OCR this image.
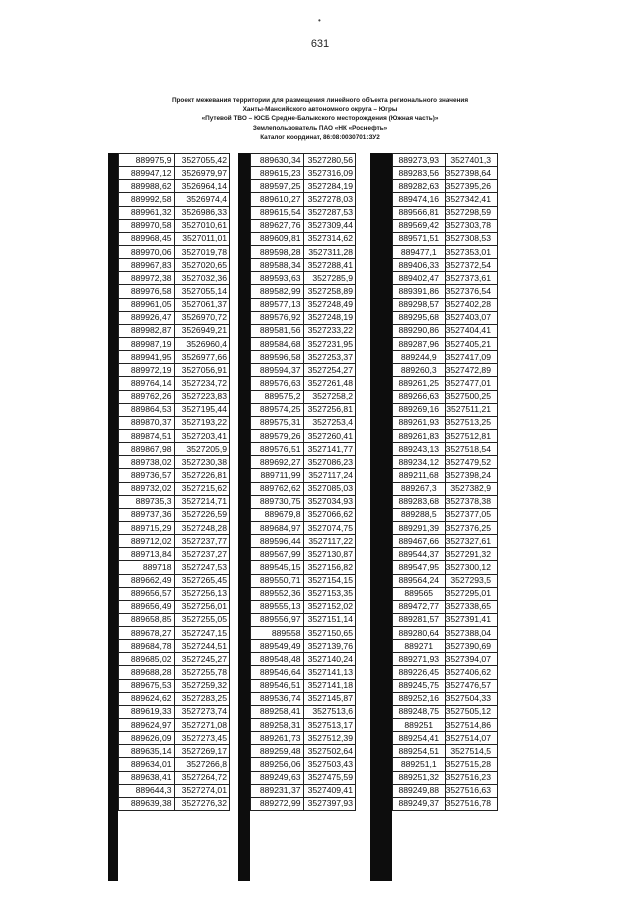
•
631
Проект межевания территории для размещения линейного объекта регионального значения
Ханты-Мансийского автономного округа – Югры
«Путевой ТВО – ЮСБ Средне-Балыкского месторождения (Южная часть)»
Землепользователь ПАО «НК «Роснефть»
Каталог координат, 86:08:0030701:ЗУ2
889975,9	3527055,42
889947,12	3526979,97
889988,62	3526964,14
889992,58	3526974,4
889961,32	3526986,33
889970,58	3527010,61
889968,45	3527011,01
889970,06	3527019,78
889967,83	3527020,65
889972,38	3527032,36
889976,58	3527055,14
889961,05	3527061,37
889926,47	3526970,72
889982,87	3526949,21
889987,19	3526960,4
889941,95	3526977,66
889972,19	3527056,91
889764,14	3527234,72
889762,26	3527223,83
889864,53	3527195,44
889870,37	3527193,22
889874,51	3527203,41
889867,98	3527205,9
889738,02	3527230,38
889736,57	3527226,81
889732,02	3527215,62
889735,3	3527214,71
889737,36	3527226,59
889715,29	3527248,28
889712,02	3527237,77
889713,84	3527237,27
889718	3527247,53
889662,49	3527265,45
889656,57	3527256,13
889656,49	3527256,01
889658,85	3527255,05
889678,27	3527247,15
889684,78	3527244,51
889685,02	3527245,27
889688,28	3527255,78
889675,53	3527259,32
889624,62	3527283,25
889619,33	3527273,74
889624,97	3527271,08
889626,09	3527273,45
889635,14	3527269,17
889634,01	3527266,8
889638,41	3527264,72
889644,3	3527274,01
889639,38	3527276,32
889630,34	3527280,56
889615,23	3527316,09
889597,25	3527284,19
889610,27	3527278,03
889615,54	3527287,53
889627,76	3527309,44
889609,81	3527314,62
889598,28	3527311,28
889588,34	3527288,41
889593,63	3527285,9
889582,99	3527258,89
889577,13	3527248,49
889576,92	3527248,19
889581,56	3527233,22
889584,68	3527231,95
889596,58	3527253,37
889594,37	3527254,27
889576,63	3527261,48
889575,2	3527258,2
889574,25	3527256,81
889575,31	3527253,4
889579,26	3527260,41
889576,51	3527141,77
889692,27	3527086,23
889711,99	3527117,24
889762,62	3527085,03
889730,75	3527034,93
889679,8	3527066,62
889684,97	3527074,75
889596,44	3527117,22
889567,99	3527130,87
889545,15	3527156,82
889550,71	3527154,15
889552,36	3527153,35
889555,13	3527152,02
889556,97	3527151,14
889558	3527150,65
889549,49	3527139,76
889548,48	3527140,24
889546,64	3527141,13
889546,51	3527141,18
889536,74	3527145,87
889258,41	3527513,6
889258,31	3527513,17
889261,73	3527512,39
889259,48	3527502,64
889256,06	3527503,43
889249,63	3527475,59
889231,37	3527409,41
889272,99	3527397,93
889273,93	3527401,3
889283,56	3527398,64
889282,63	3527395,26
889474,16	3527342,41
889566,81	3527298,59
889569,42	3527303,78
889571,51	3527308,53
889477,1	3527353,01
889406,33	3527372,54
889402,47	3527373,61
889391,86	3527376,54
889298,57	3527402,28
889295,68	3527403,07
889290,86	3527404,41
889287,96	3527405,21
889244,9	3527417,09
889260,3	3527472,89
889261,25	3527477,01
889266,63	3527500,25
889269,16	3527511,21
889261,93	3527513,25
889261,83	3527512,81
889243,13	3527518,54
889234,12	3527479,52
889211,68	3527398,24
889267,3	3527382,9
889283,68	3527378,38
889288,5	3527377,05
889291,39	3527376,25
889467,66	3527327,61
889544,37	3527291,32
889547,95	3527300,12
889564,24	3527293,5
889565	3527295,01
889472,77	3527338,65
889281,57	3527391,41
889280,64	3527388,04
889271	3527390,69
889271,93	3527394,07
889226,45	3527406,62
889245,75	3527476,57
889252,16	3527504,33
889248,75	3527505,12
889251	3527514,86
889254,41	3527514,07
889254,51	3527514,5
889251,1	3527515,28
889251,32	3527516,23
889249,88	3527516,63
889249,37	3527516,78
